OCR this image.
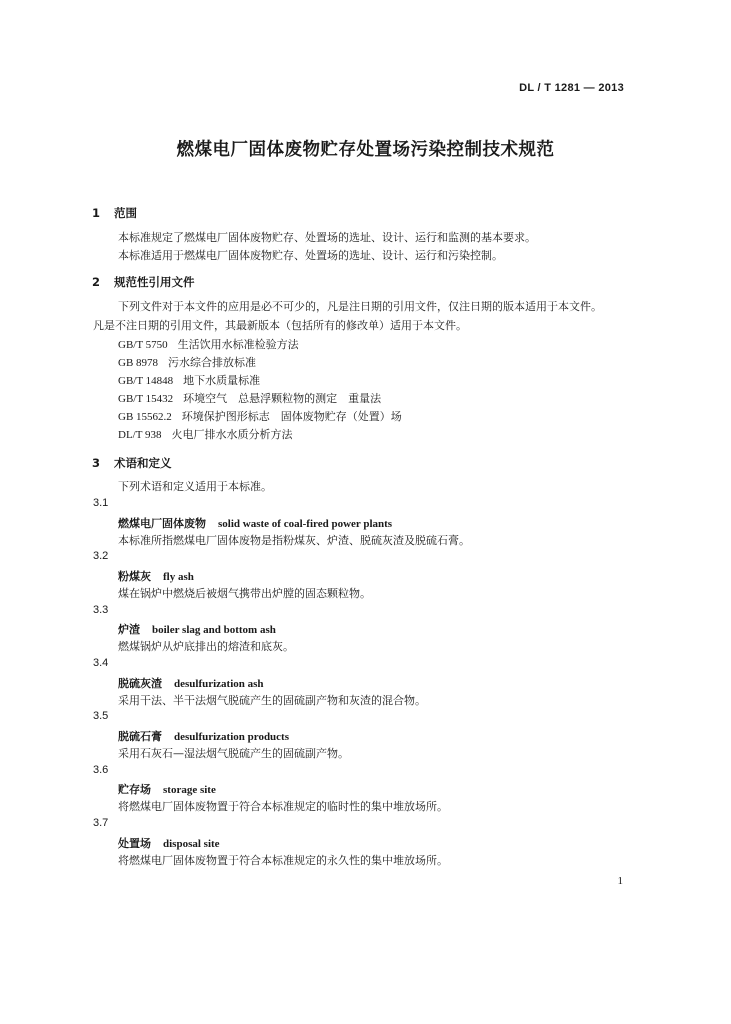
DL / T 1281 — 2013
燃煤电厂固体废物贮存处置场污染控制技术规范
1 范围
本标准规定了燃煤电厂固体废物贮存、处置场的选址、设计、运行和监测的基本要求。
本标准适用于燃煤电厂固体废物贮存、处置场的选址、设计、运行和污染控制。
2 规范性引用文件
下列文件对于本文件的应用是必不可少的，凡是注日期的引用文件，仅注日期的版本适用于本文件。
凡是不注日期的引用文件，其最新版本（包括所有的修改单）适用于本文件。
GB/T 5750 生活饮用水标准检验方法
GB 8978 污水综合排放标准
GB/T 14848 地下水质量标准
GB/T 15432 环境空气　总悬浮颗粒物的测定　重量法
GB 15562.2 环境保护图形标志　固体废物贮存（处置）场
DL/T 938 火电厂排水水质分析方法
3 术语和定义
下列术语和定义适用于本标准。
3.1
燃煤电厂固体废物 solid waste of coal-fired power plants
本标准所指燃煤电厂固体废物是指粉煤灰、炉渣、脱硫灰渣及脱硫石膏。
3.2
粉煤灰 fly ash
煤在锅炉中燃烧后被烟气携带出炉膛的固态颗粒物。
3.3
炉渣 boiler slag and bottom ash
燃煤锅炉从炉底排出的熔渣和底灰。
3.4
脱硫灰渣 desulfurization ash
采用干法、半干法烟气脱硫产生的固硫副产物和灰渣的混合物。
3.5
脱硫石膏 desulfurization products
采用石灰石—湿法烟气脱硫产生的固硫副产物。
3.6
贮存场 storage site
将燃煤电厂固体废物置于符合本标准规定的临时性的集中堆放场所。
3.7
处置场 disposal site
将燃煤电厂固体废物置于符合本标准规定的永久性的集中堆放场所。
1
